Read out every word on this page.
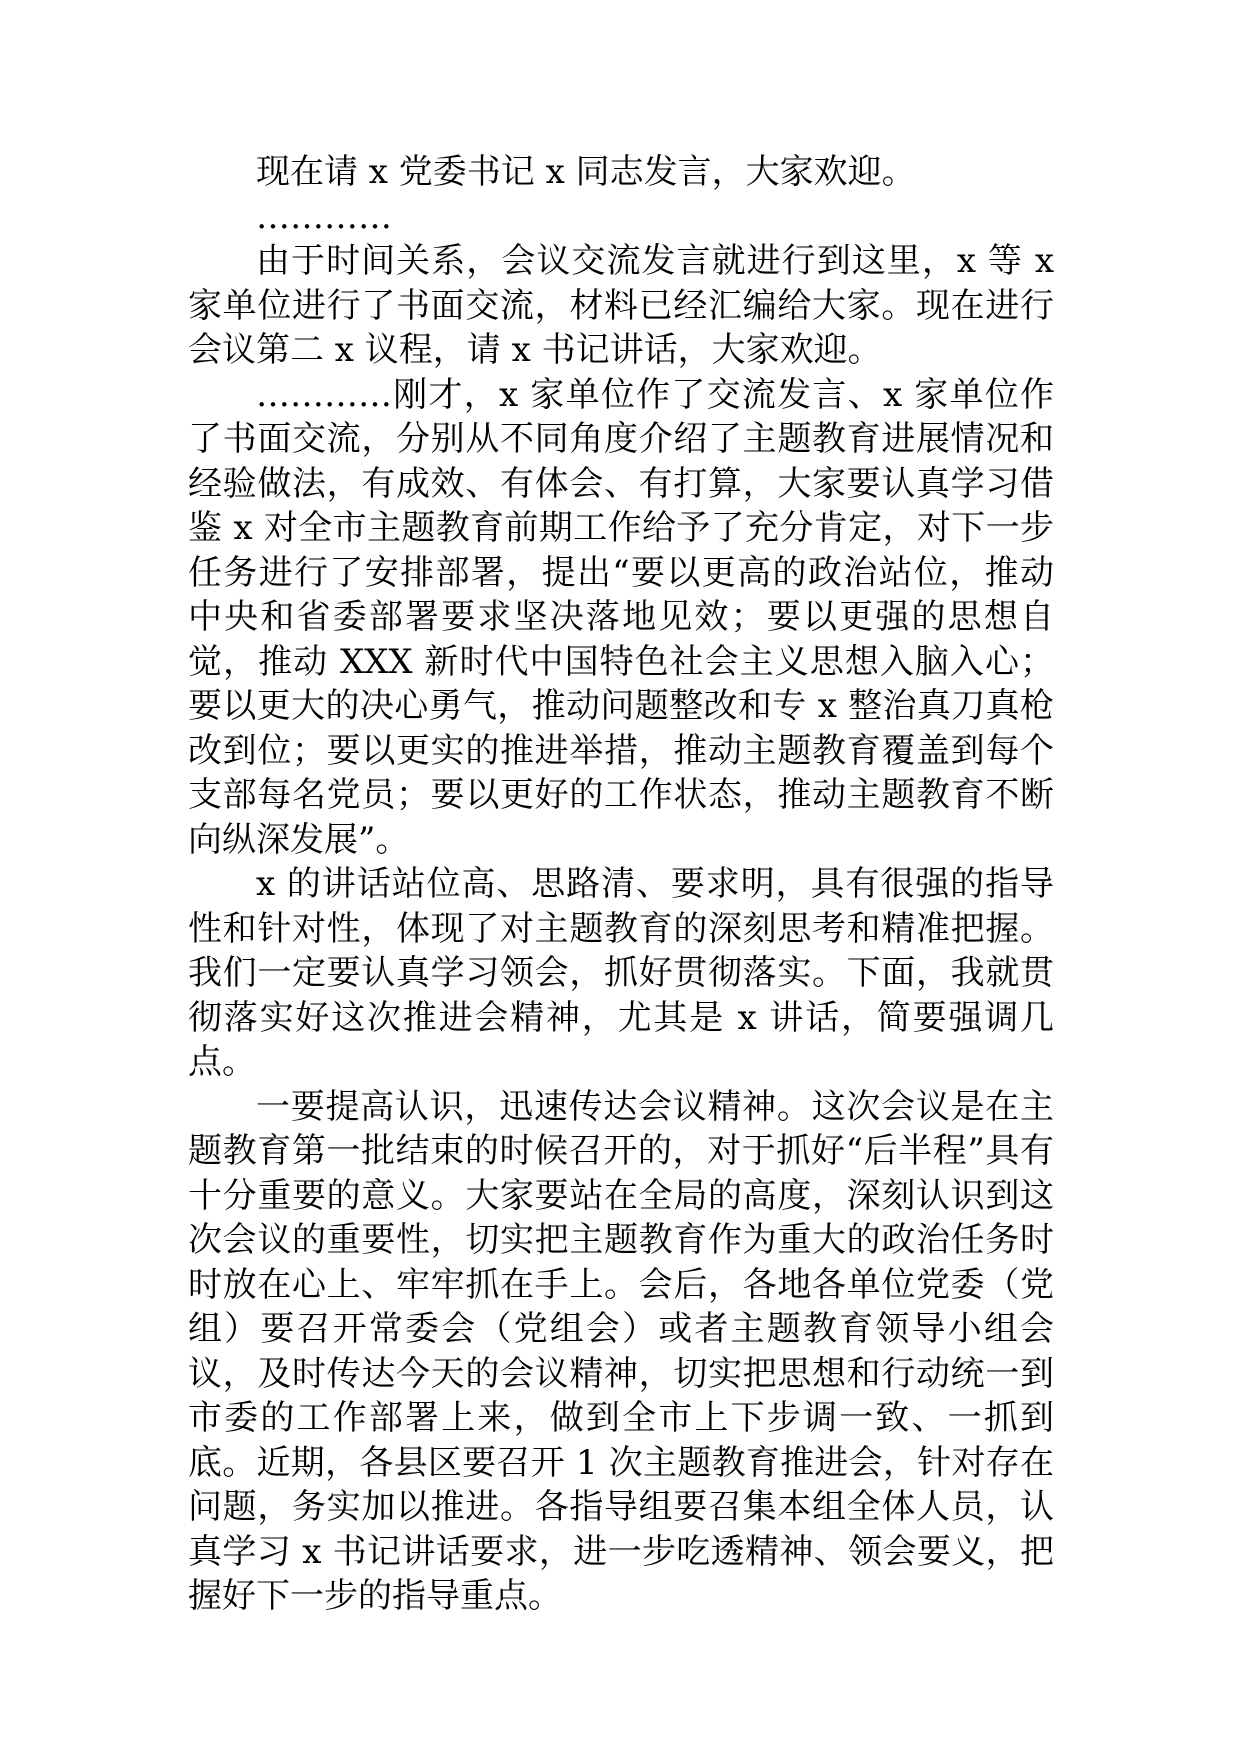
现在请 x 党委书记 x 同志发言，大家欢迎。

…………

由于时间关系，会议交流发言就进行到这里，x 等 x 家单位进行了书面交流，材料已经汇编给大家。现在进行会议第二 x 议程，请 x 书记讲话，大家欢迎。

…………刚才，x 家单位作了交流发言、x 家单位作了书面交流，分别从不同角度介绍了主题教育进展情况和经验做法，有成效、有体会、有打算，大家要认真学习借鉴 x 对全市主题教育前期工作给予了充分肯定，对下一步任务进行了安排部署，提出“要以更高的政治站位，推动中央和省委部署要求坚决落地见效；要以更强的思想自觉，推动 XXX 新时代中国特色社会主义思想入脑入心；要以更大的决心勇气，推动问题整改和专 x 整治真刀真枪改到位；要以更实的推进举措，推动主题教育覆盖到每个支部每名党员；要以更好的工作状态，推动主题教育不断向纵深发展”。

x 的讲话站位高、思路清、要求明，具有很强的指导性和针对性，体现了对主题教育的深刻思考和精准把握。我们一定要认真学习领会，抓好贯彻落实。下面，我就贯彻落实好这次推进会精神，尤其是 x 讲话，简要强调几点。

一要提高认识，迅速传达会议精神。这次会议是在主题教育第一批结束的时候召开的，对于抓好“后半程”具有十分重要的意义。大家要站在全局的高度，深刻认识到这次会议的重要性，切实把主题教育作为重大的政治任务时时放在心上、牢牢抓在手上。会后，各地各单位党委（党组）要召开常委会（党组会）或者主题教育领导小组会议，及时传达今天的会议精神，切实把思想和行动统一到市委的工作部署上来，做到全市上下步调一致、一抓到底。近期，各县区要召开 1 次主题教育推进会，针对存在问题，务实加以推进。各指导组要召集本组全体人员，认真学习 x 书记讲话要求，进一步吃透精神、领会要义，把握好下一步的指导重点。
